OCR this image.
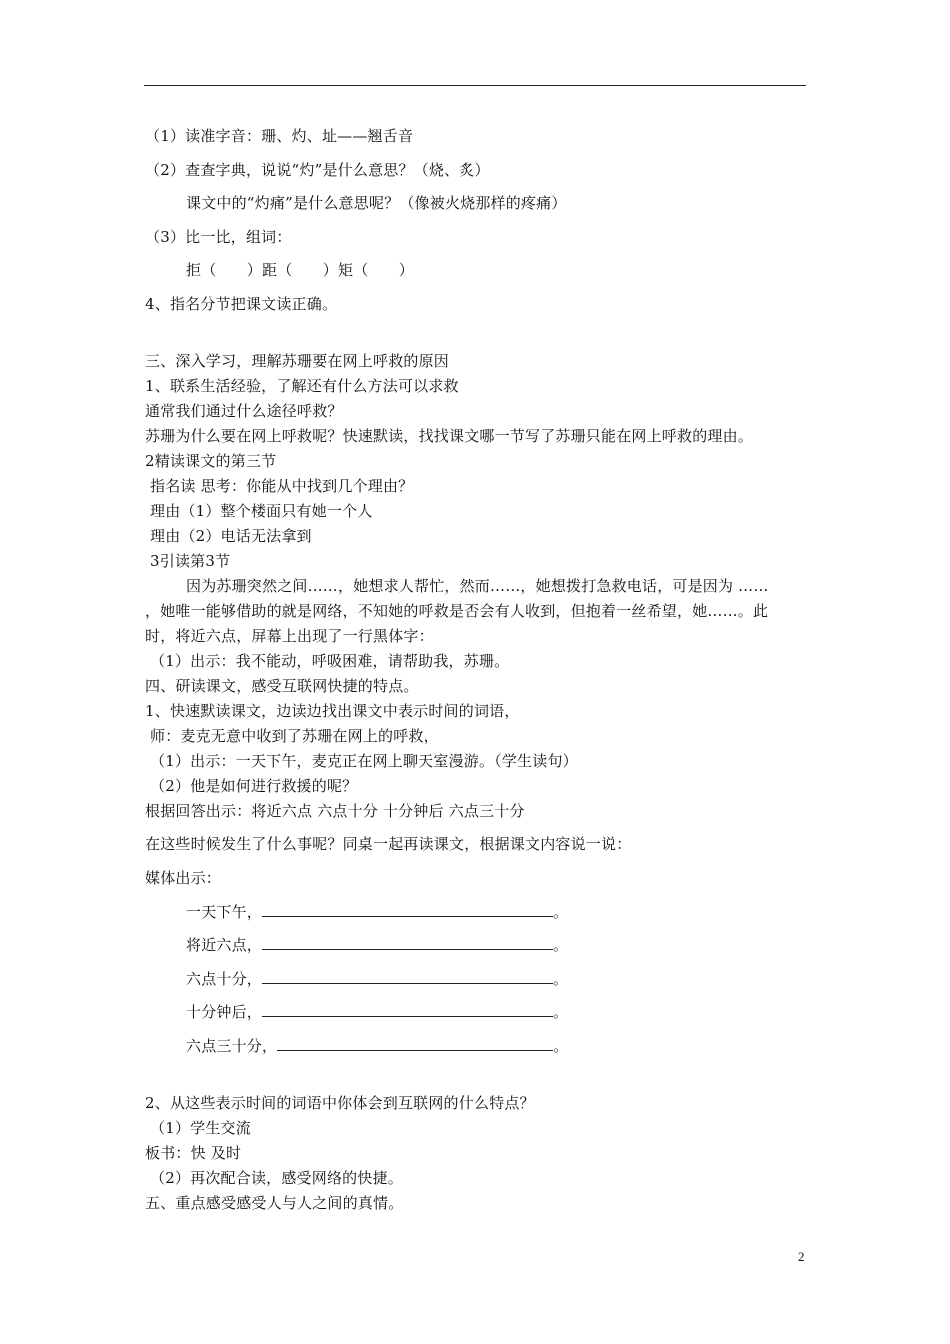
（1）读准字音：珊、灼、址——翘舌音
（2）查查字典，说说“灼”是什么意思？（烧、炙）
课文中的“灼痛”是什么意思呢？（像被火烧那样的疼痛）
（3）比一比，组词：
拒（　　）距（　　）矩（　　）
4、指名分节把课文读正确。
三、深入学习，理解苏珊要在网上呼救的原因
1、联系生活经验，了解还有什么方法可以求救
通常我们通过什么途径呼救？
苏珊为什么要在网上呼救呢？快速默读，找找课文哪一节写了苏珊只能在网上呼救的理由。
2精读课文的第三节
指名读 思考：你能从中找到几个理由？
理由（1）整个楼面只有她一个人
理由（2）电话无法拿到
3引读第3节
因为苏珊突然之间……，她想求人帮忙，然而……，她想拨打急救电话，可是因为 ……
，她唯一能够借助的就是网络，不知她的呼救是否会有人收到，但抱着一丝希望，她……。此
时，将近六点，屏幕上出现了一行黑体字：
（1）出示：我不能动，呼吸困难，请帮助我，苏珊。
四、研读课文，感受互联网快捷的特点。
1、快速默读课文，边读边找出课文中表示时间的词语，
师：麦克无意中收到了苏珊在网上的呼救，
（1）出示：一天下午，麦克正在网上聊天室漫游。（学生读句）
（2）他是如何进行救援的呢？
根据回答出示：将近六点 六点十分 十分钟后 六点三十分
在这些时候发生了什么事呢？同桌一起再读课文，根据课文内容说一说：
媒体出示：
一天下午，	。
将近六点，	。
六点十分，	。
十分钟后，	。
六点三十分，	。
2、从这些表示时间的词语中你体会到互联网的什么特点？
（1）学生交流
板书：快 及时
（2）再次配合读，感受网络的快捷。
五、重点感受感受人与人之间的真情。
2
